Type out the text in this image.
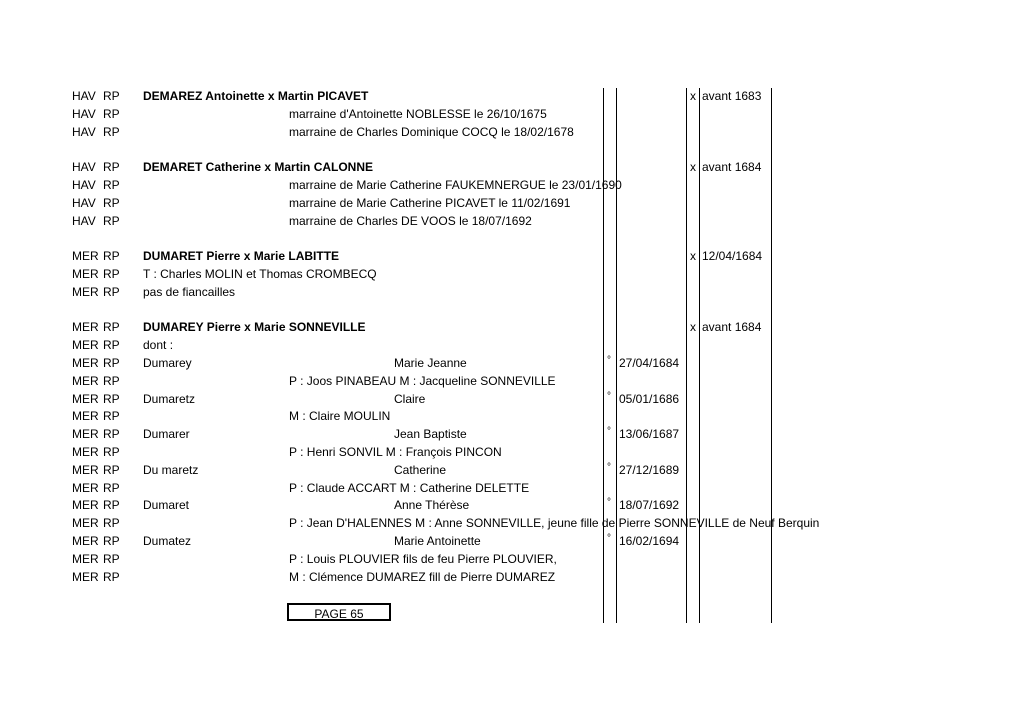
HAV RP DEMAREZ Antoinette x Martin PICAVET	x avant 1683
HAV RP	marraine d'Antoinette NOBLESSE le 26/10/1675
HAV RP	marraine de Charles Dominique COCQ le 18/02/1678
HAV RP DEMARET Catherine x Martin CALONNE	x avant 1684
HAV RP	marraine de Marie Catherine FAUKEMNERGUE le 23/01/1690
HAV RP	marraine de Marie Catherine PICAVET le 11/02/1691
HAV RP	marraine de Charles DE VOOS le 18/07/1692
MER RP DUMARET Pierre x Marie LABITTE	x 12/04/1684
MER RP T : Charles MOLIN et Thomas CROMBECQ
MER RP pas de fiancailles
MER RP DUMAREY Pierre x Marie SONNEVILLE	x avant 1684
MER RP dont :
MER RP Dumarey	Marie Jeanne	° 27/04/1684
MER RP	P : Joos PINABEAU M : Jacqueline SONNEVILLE
MER RP Dumaretz	Claire	° 05/01/1686
MER RP	M : Claire MOULIN
MER RP Dumarer	Jean Baptiste	° 13/06/1687
MER RP	P : Henri SONVIL M : François PINCON
MER RP Du maretz	Catherine	° 27/12/1689
MER RP	P : Claude ACCART M : Catherine DELETTE
MER RP Dumaret	Anne Thérèse	° 18/07/1692
MER RP	P : Jean D'HALENNES M : Anne SONNEVILLE, jeune fille de Pierre SONNEVILLE de Neuf Berquin
MER RP Dumatez	Marie Antoinette	° 16/02/1694
MER RP	P : Louis PLOUVIER fils de feu Pierre PLOUVIER,
MER RP	M : Clémence DUMAREZ fill de Pierre DUMAREZ
PAGE 65
